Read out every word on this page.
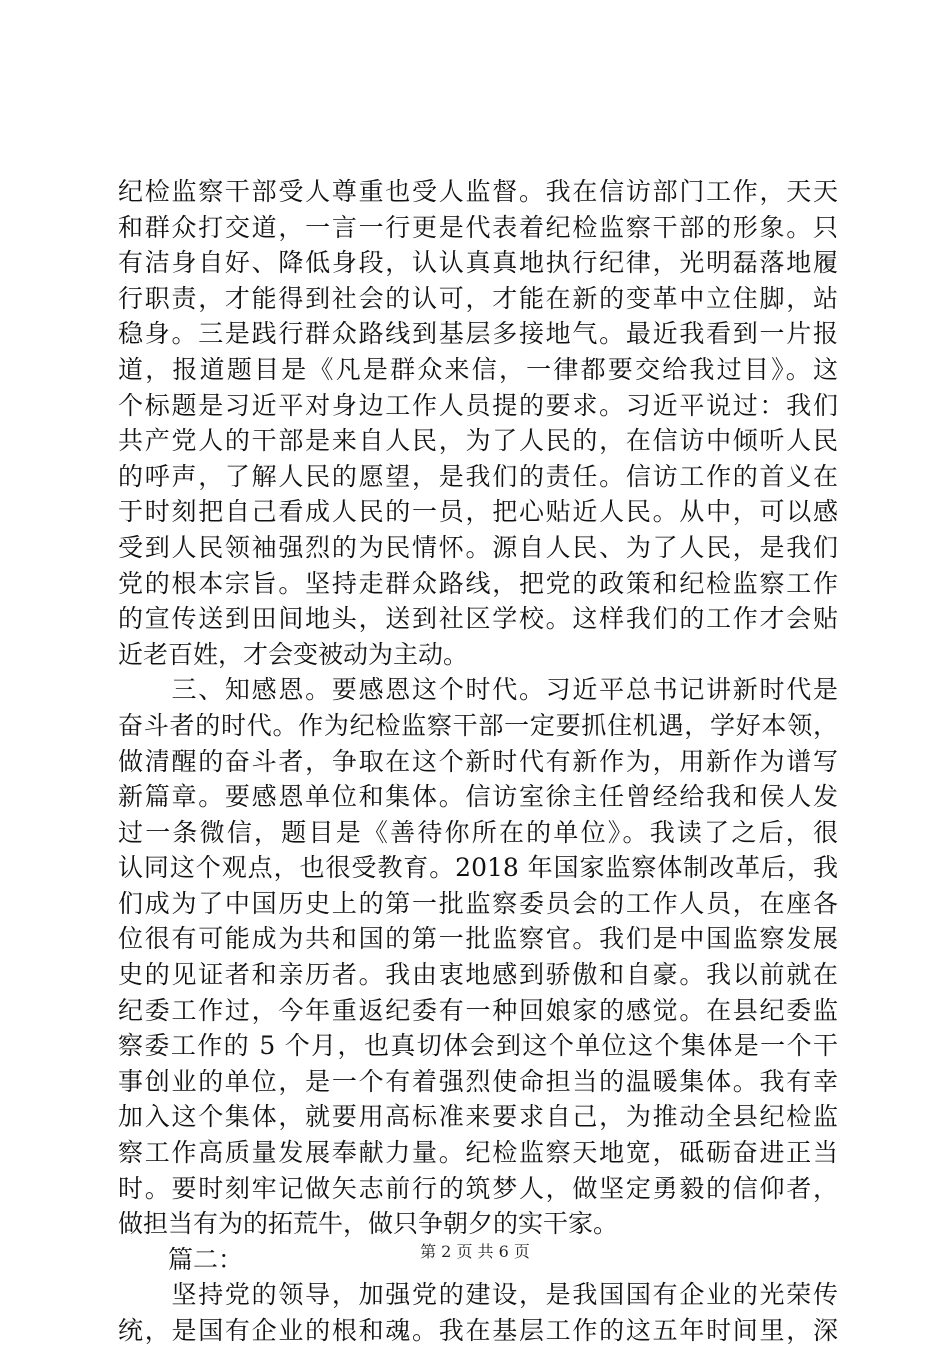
纪检监察干部受人尊重也受人监督。我在信访部门工作，天天
和群众打交道，一言一行更是代表着纪检监察干部的形象。只
有洁身自好、降低身段，认认真真地执行纪律，光明磊落地履
行职责，才能得到社会的认可，才能在新的变革中立住脚，站
稳身。三是践行群众路线到基层多接地气。最近我看到一片报
道，报道题目是《凡是群众来信，一律都要交给我过目》。这
个标题是习近平对身边工作人员提的要求。习近平说过：我们
共产党人的干部是来自人民，为了人民的，在信访中倾听人民
的呼声，了解人民的愿望，是我们的责任。信访工作的首义在
于时刻把自己看成人民的一员，把心贴近人民。从中，可以感
受到人民领袖强烈的为民情怀。源自人民、为了人民，是我们
党的根本宗旨。坚持走群众路线，把党的政策和纪检监察工作
的宣传送到田间地头，送到社区学校。这样我们的工作才会贴
近老百姓，才会变被动为主动。
　　三、知感恩。要感恩这个时代。习近平总书记讲新时代是
奋斗者的时代。作为纪检监察干部一定要抓住机遇，学好本领，
做清醒的奋斗者，争取在这个新时代有新作为，用新作为谱写
新篇章。要感恩单位和集体。信访室徐主任曾经给我和侯人发
过一条微信，题目是《善待你所在的单位》。我读了之后，很
认同这个观点，也很受教育。2018 年国家监察体制改革后，我
们成为了中国历史上的第一批监察委员会的工作人员，在座各
位很有可能成为共和国的第一批监察官。我们是中国监察发展
史的见证者和亲历者。我由衷地感到骄傲和自豪。我以前就在
纪委工作过，今年重返纪委有一种回娘家的感觉。在县纪委监
察委工作的 5 个月，也真切体会到这个单位这个集体是一个干
事创业的单位，是一个有着强烈使命担当的温暖集体。我有幸
加入这个集体，就要用高标准来要求自己，为推动全县纪检监
察工作高质量发展奉献力量。纪检监察天地宽，砥砺奋进正当
时。要时刻牢记做矢志前行的筑梦人，做坚定勇毅的信仰者，
做担当有为的拓荒牛，做只争朝夕的实干家。
　　篇二：
　　坚持党的领导，加强党的建设，是我国国有企业的光荣传
统，是国有企业的根和魂。我在基层工作的这五年时间里，深
第 2 页 共 6 页
